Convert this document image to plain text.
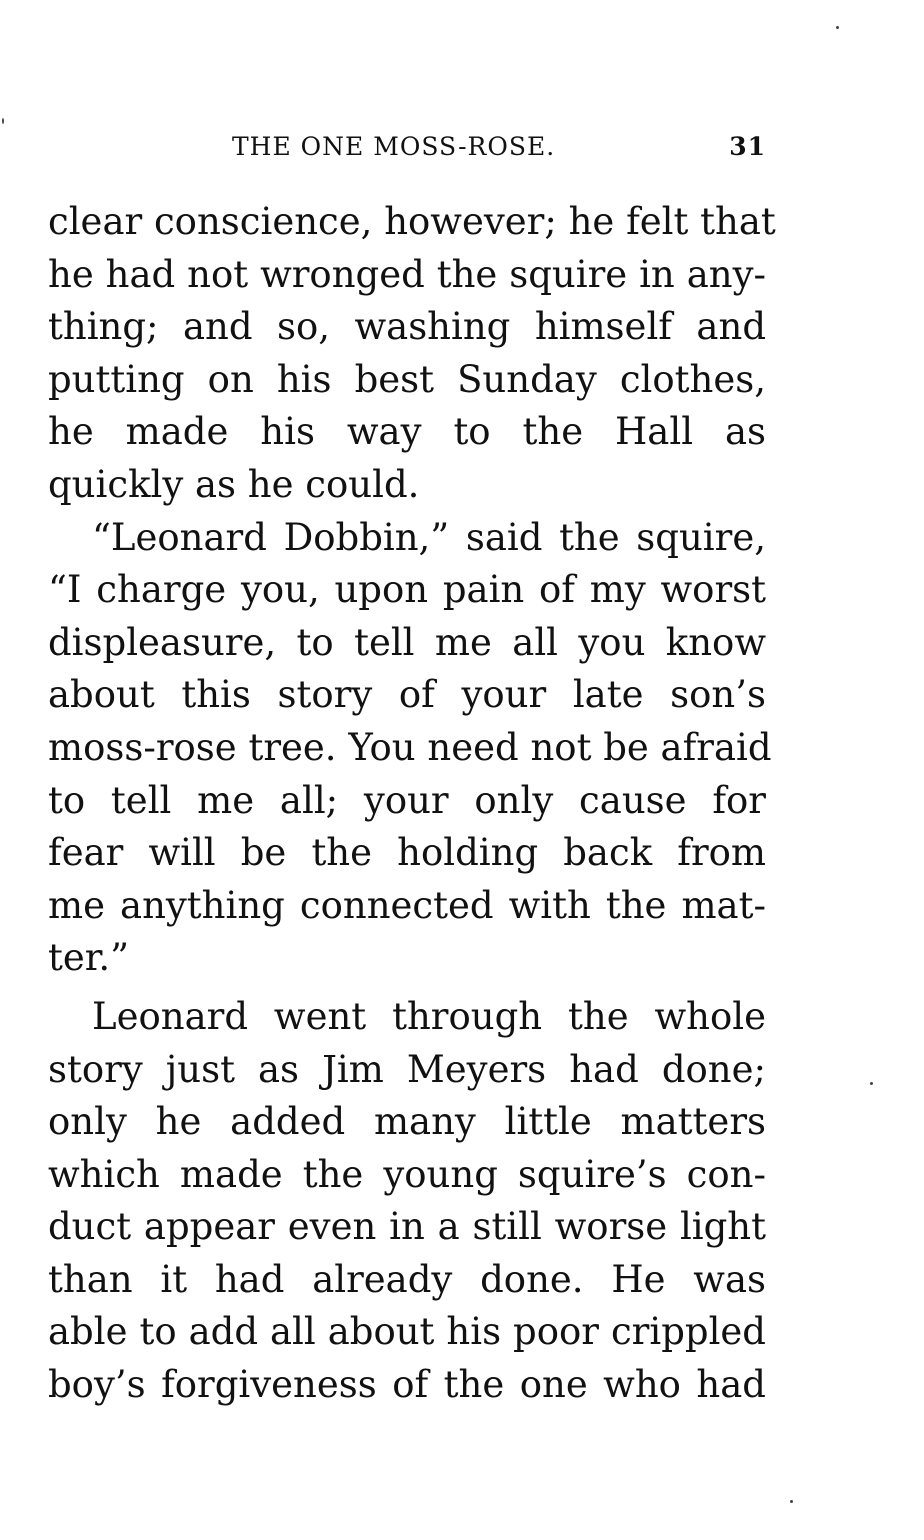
THE ONE MOSS-ROSE.	31
clear conscience, however; he felt that
he had not wronged the squire in any-
thing; and so, washing himself and
putting on his best Sunday clothes,
he made his way to the Hall as
quickly as he could.
“Leonard Dobbin,” said the squire,
“I charge you, upon pain of my worst
displeasure, to tell me all you know
about this story of your late son’s
moss-rose tree. You need not be afraid
to tell me all; your only cause for
fear will be the holding back from
me anything connected with the mat-
ter.”
Leonard went through the whole
story just as Jim Meyers had done;
only he added many little matters
which made the young squire’s con-
duct appear even in a still worse light
than it had already done. He was
able to add all about his poor crippled
boy’s forgiveness of the one who had
